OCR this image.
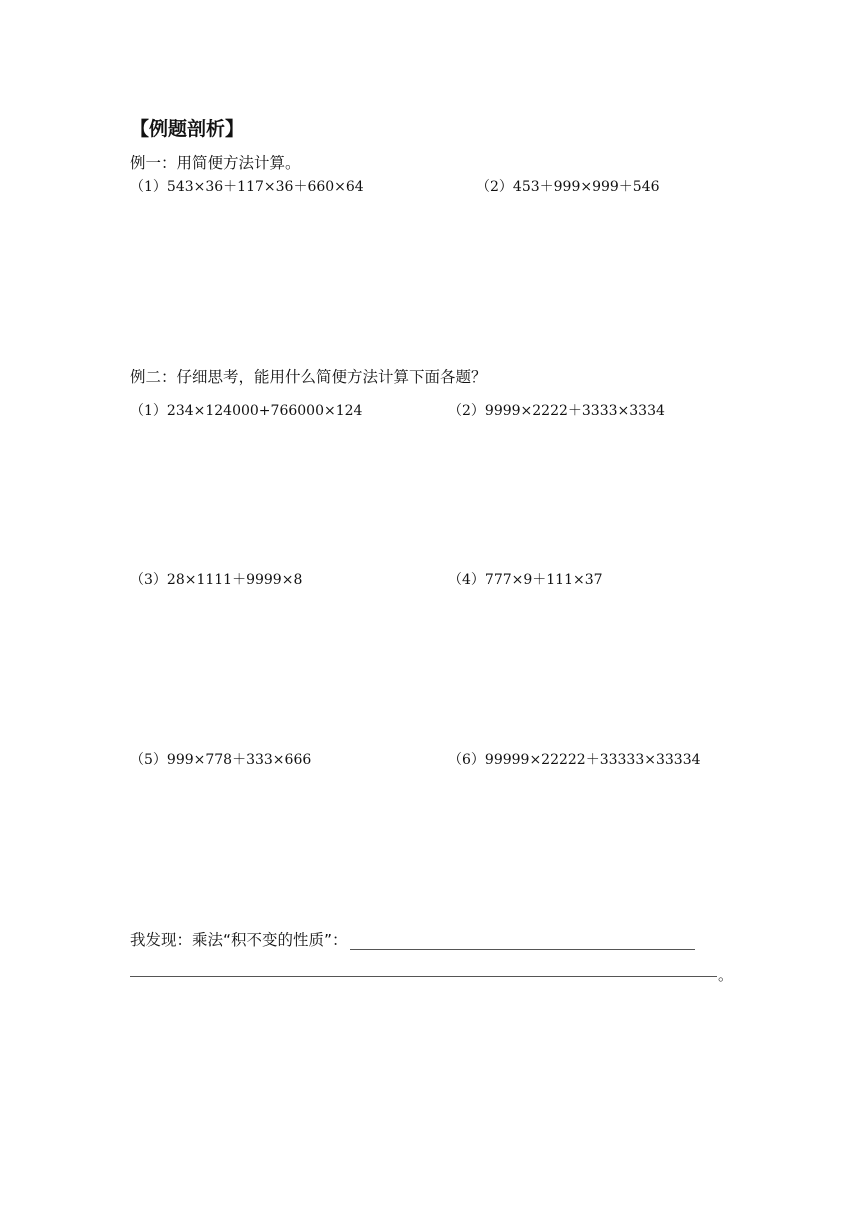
【例题剖析】
例一：用简便方法计算。
（1）543×36＋117×36＋660×64	（2）453＋999×999＋546
例二：仔细思考，能用什么简便方法计算下面各题？
（1）234×124000+766000×124	（2）9999×2222＋3333×3334
（3）28×1111＋9999×8	（4）777×9＋111×37
（5）999×778＋333×666	（6）99999×22222＋33333×33334
我发现：乘法“积不变的性质”：
。
